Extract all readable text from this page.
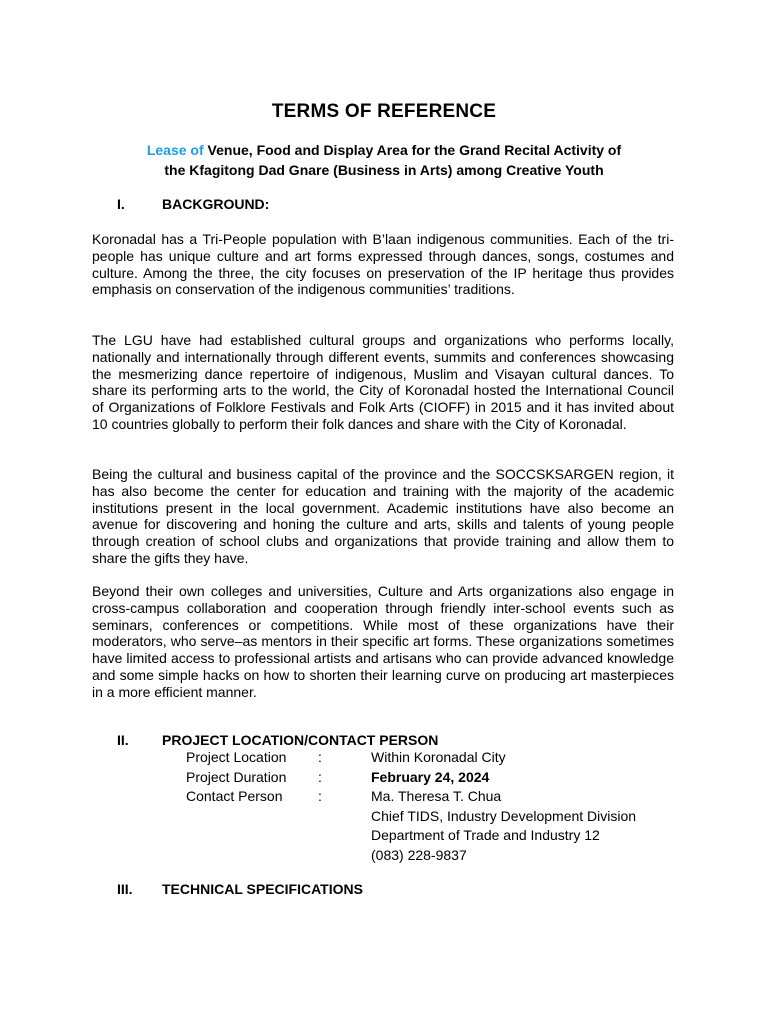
TERMS OF REFERENCE
Lease of Venue, Food and Display Area for the Grand Recital Activity of
the Kfagitong Dad Gnare (Business in Arts) among Creative Youth
I.	BACKGROUND:
Koronadal has a Tri-People population with B’laan indigenous communities. Each of the tri-people has unique culture and art forms expressed through dances, songs, costumes and culture. Among the three, the city focuses on preservation of the IP heritage thus provides emphasis on conservation of the indigenous communities’ traditions.
The LGU have had established cultural groups and organizations who performs locally, nationally and internationally through different events, summits and conferences showcasing the mesmerizing dance repertoire of indigenous, Muslim and Visayan cultural dances. To share its performing arts to the world, the City of Koronadal hosted the International Council of Organizations of Folklore Festivals and Folk Arts (CIOFF) in 2015 and it has invited about 10 countries globally to perform their folk dances and share with the City of Koronadal.
Being the cultural and business capital of the province and the SOCCSKSARGEN region, it has also become the center for education and training with the majority of the academic institutions present in the local government. Academic institutions have also become an avenue for discovering and honing the culture and arts, skills and talents of young people through creation of school clubs and organizations that provide training and allow them to share the gifts they have.
Beyond their own colleges and universities, Culture and Arts organizations also engage in cross-campus collaboration and cooperation through friendly inter-school events such as seminars, conferences or competitions. While most of these organizations have their moderators, who serve–as mentors in their specific art forms. These organizations sometimes have limited access to professional artists and artisans who can provide advanced knowledge and some simple hacks on how to shorten their learning curve on producing art masterpieces in a more efficient manner.
II.	PROJECT LOCATION/CONTACT PERSON
Project Location	:	Within Koronadal City
Project Duration	:	February 24, 2024
Contact Person	:	Ma. Theresa T. Chua
Chief TIDS, Industry Development Division
Department of Trade and Industry 12
(083) 228-9837
III.	TECHNICAL SPECIFICATIONS
